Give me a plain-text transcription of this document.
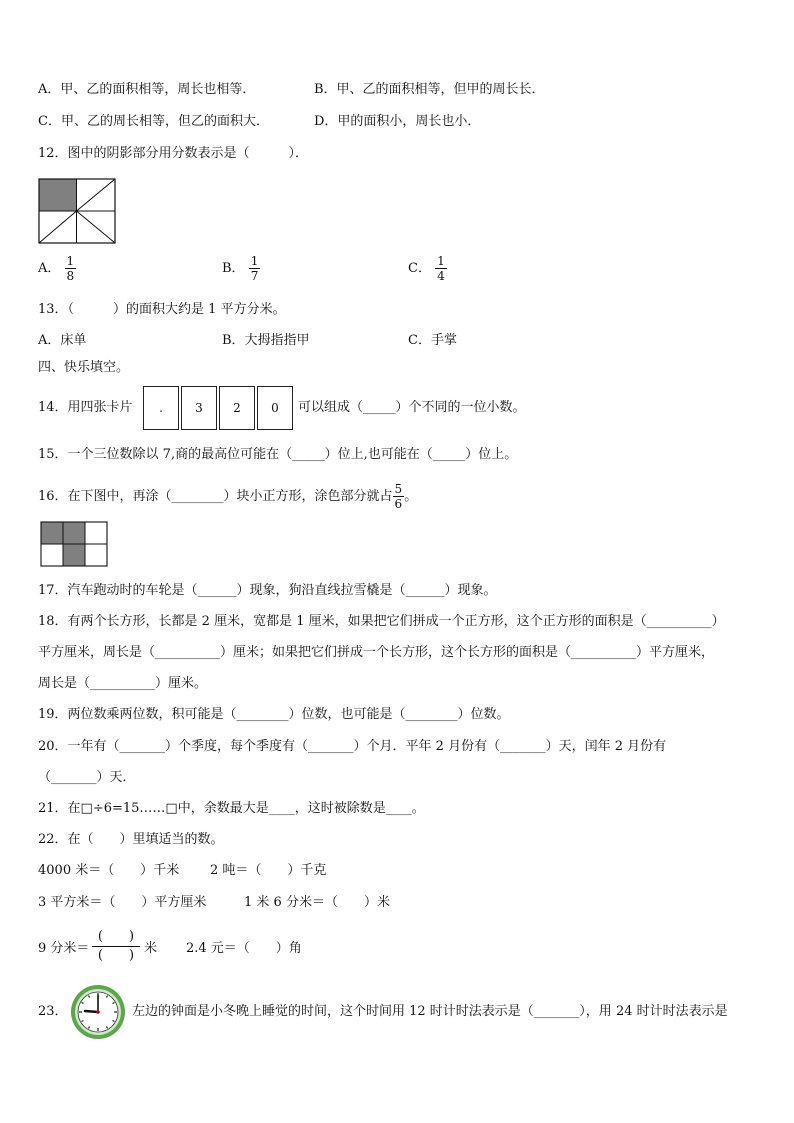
A．甲、乙的面积相等，周长也相等．	B．甲、乙的面积相等，但甲的周长长．
C．甲、乙的周长相等，但乙的面积大．	D．甲的面积小，周长也小．
12．图中的阴影部分用分数表示是（　　　）．
A． $\frac{1}{8}$	B． $\frac{1}{7}$	C． $\frac{1}{4}$
13．（　　　）的面积大约是 1 平方分米。
A．床单	B．大拇指指甲	C．手掌
四、快乐填空。
14．用四张卡片	.	3	2	0	可以组成（_____）个不同的一位小数。
15．一个三位数除以 7,商的最高位可能在（_____）位上,也可能在（_____）位上。
16．在下图中，再涂（________）块小正方形，涂色部分就占 $\frac{5}{6}$ 。
17．汽车跑动时的车轮是（______）现象，狗沿直线拉雪橇是（______）现象。
18．有两个长方形，长都是 2 厘米，宽都是 1 厘米，如果把它们拼成一个正方形，这个正方形的面积是（__________）
平方厘米，周长是（__________）厘米；如果把它们拼成一个长方形，这个长方形的面积是（__________）平方厘米，
周长是（__________）厘米。
19．两位数乘两位数，积可能是（________）位数，也可能是（________）位数。
20．一年有（_______）个季度，每个季度有（_______）个月．平年 2 月份有（_______）天，闰年 2 月份有
（_______）天．
21．在□÷6=15……□中，余数最大是____，这时被除数是____。
22．在（　　）里填适当的数。
4000 米＝（　　）千米 2 吨＝（　　）千克
3 平方米＝（　　）平方厘米	1 米 6 分米＝（　　）米
9 分米＝
(　　)
(　　) 米 2.4 元＝（　　）角
23．	左边的钟面是小冬晚上睡觉的时间，这个时间用 12 时计时法表示是（_______），用 24 时计时法表示是
